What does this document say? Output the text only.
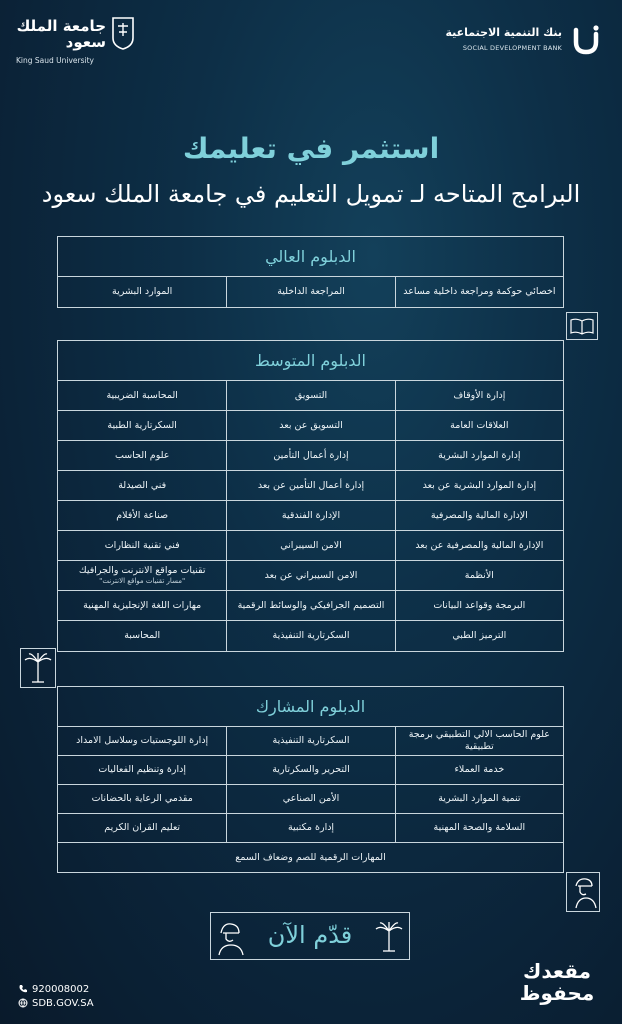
جامعة الملك سعود
King Saud University
بنك التنمية الاجتماعية
SOCIAL DEVELOPMENT BANK
استثمر في تعليمك
البرامج المتاحه لـ تمويل التعليم في جامعة الملك سعود
الدبلوم العالي
اخصائي حوكمة ومراجعة داخلية مساعد
المراجعة الداخلية
الموارد البشرية
الدبلوم المتوسط
إدارة الأوقاف
التسويق
المحاسبة الضريبية
العلاقات العامة
التسويق عن بعد
السكرتارية الطبية
إدارة الموارد البشرية
إدارة أعمال التأمين
علوم الحاسب
إدارة الموارد البشرية عن بعد
إدارة أعمال التأمين عن بعد
فني الصيدلة
الإدارة المالية والمصرفية
الإدارة الفندقية
صناعة الأفلام
الإدارة المالية والمصرفية عن بعد
الامن السيبراني
فني تقنية النظارات
الأنظمة
الامن السيبراني عن بعد
تقنيات مواقع الانترنت والجرافيك
"مسار تقنيات مواقع الانترنت"
البرمجة وقواعد البيانات
التصميم الجرافيكي والوسائط الرقمية
مهارات اللغة الإنجليزية المهنية
الترميز الطبي
السكرتارية التنفيذية
المحاسبة
الدبلوم المشارك
علوم الحاسب الالي التطبيقي برمجة تطبيقية
السكرتارية التنفيذية
إدارة اللوجستيات وسلاسل الامداد
خدمة العملاء
التحرير والسكرتارية
إدارة وتنظيم الفعاليات
تنمية الموارد البشرية
الأمن الصناعي
مقدمي الرعاية بالحضانات
السلامة والصحة المهنية
إدارة مكتبية
تعليم القران الكريم
المهارات الرقمية للصم وضعاف السمع
قدّم الآن
920008002
SDB.GOV.SA
مقعدك محفوظ
